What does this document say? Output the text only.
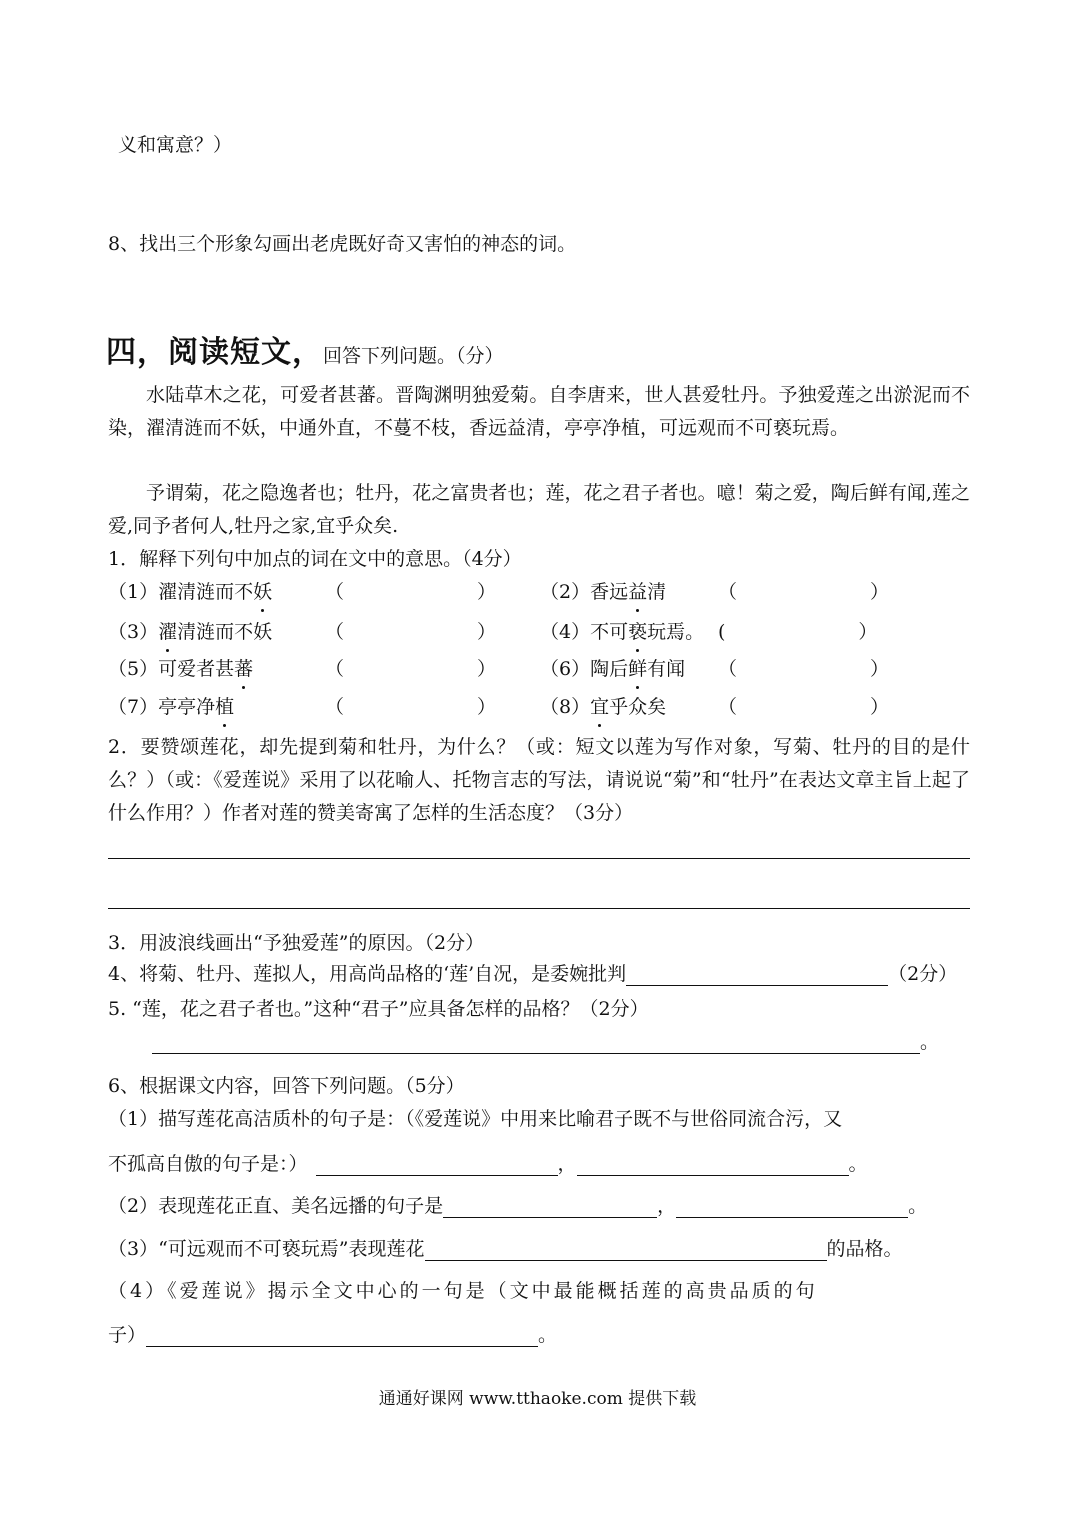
义和寓意？）
8、找出三个形象勾画出老虎既好奇又害怕的神态的词。
四，阅读短文，回答下列问题。（分）
水陆草木之花，可爱者甚蕃。晋陶渊明独爱菊。自李唐来，世人甚爱牡丹。予独爱莲之出淤泥而不染，濯清涟而不妖，中通外直，不蔓不枝，香远益清，亭亭净植，可远观而不可亵玩焉。
予谓菊，花之隐逸者也；牡丹，花之富贵者也；莲，花之君子者也。噫！菊之爱，陶后鲜有闻,莲之爱,同予者何人,牡丹之家,宜乎众矣.
1．解释下列句中加点的词在文中的意思。（4分）
（1）濯清涟而不妖	（　　　　　　　） （2）香远益清	（　　　　　　　）
（3）濯清涟而不妖	（　　　　　　　） （4）不可亵玩焉。 (　　　　　　　）
（5）可爱者甚蕃	（　　　　　　　） （6）陶后鲜有闻 （　　　　　　　）
（7）亭亭净植	（　　　　　　　） （8）宜乎众矣	（　　　　　　　）
2．要赞颂莲花，却先提到菊和牡丹，为什么？（或：短文以莲为写作对象，写菊、牡丹的目的是什么？）（或：《爱莲说》采用了以花喻人、托物言志的写法，请说说“菊”和“牡丹”在表达文章主旨上起了什么作用？）作者对莲的赞美寄寓了怎样的生活态度？（3分）
3．用波浪线画出“予独爱莲”的原因。（2分）
4、将菊、牡丹、莲拟人，用高尚品格的‘莲’自况，是委婉批判	（2分）
5. “莲，花之君子者也。”这种“君子”应具备怎样的品格？（2分）
。
6、根据课文内容，回答下列问题。（5分）
（1）描写莲花高洁质朴的句子是：（《爱莲说》中用来比喻君子既不与世俗同流合污，又
不孤高自傲的句子是：）	，	。
（2）表现莲花正直、美名远播的句子是	，	。
（3）“可远观而不可亵玩焉”表现莲花	的品格。
（4）《爱莲说》揭示全文中心的一句是（文中最能概括莲的高贵品质的句
子）	。
通通好课网 www.tthaoke.com 提供下载
